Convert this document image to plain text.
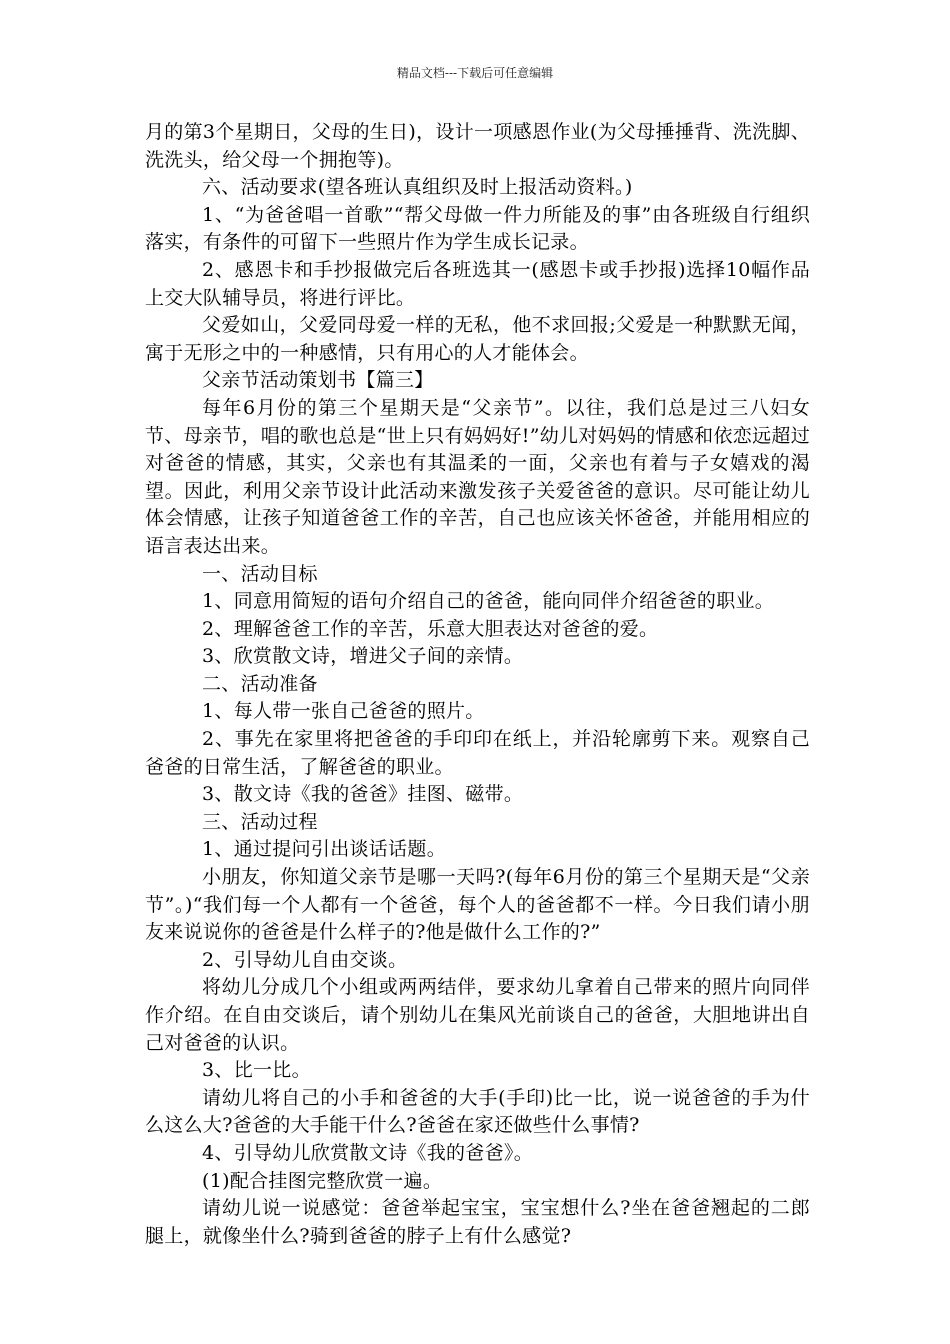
精品文档---下载后可任意编辑

月的第3个星期日，父母的生日)，设计一项感恩作业(为父母捶捶背、洗洗脚、洗洗头，给父母一个拥抱等)。

六、活动要求(望各班认真组织及时上报活动资料。)

1、“为爸爸唱一首歌”“帮父母做一件力所能及的事”由各班级自行组织落实，有条件的可留下一些照片作为学生成长记录。

2、感恩卡和手抄报做完后各班选其一(感恩卡或手抄报)选择10幅作品上交大队辅导员，将进行评比。

父爱如山，父爱同母爱一样的无私，他不求回报;父爱是一种默默无闻，寓于无形之中的一种感情，只有用心的人才能体会。

父亲节活动策划书【篇三】

每年6月份的第三个星期天是“父亲节”。以往，我们总是过三八妇女节、母亲节，唱的歌也总是“世上只有妈妈好!”幼儿对妈妈的情感和依恋远超过对爸爸的情感，其实，父亲也有其温柔的一面，父亲也有着与子女嬉戏的渴望。因此，利用父亲节设计此活动来激发孩子关爱爸爸的意识。尽可能让幼儿体会情感，让孩子知道爸爸工作的辛苦，自己也应该关怀爸爸，并能用相应的语言表达出来。

一、活动目标

1、同意用简短的语句介绍自己的爸爸，能向同伴介绍爸爸的职业。

2、理解爸爸工作的辛苦，乐意大胆表达对爸爸的爱。

3、欣赏散文诗，增进父子间的亲情。

二、活动准备

1、每人带一张自己爸爸的照片。

2、事先在家里将把爸爸的手印印在纸上，并沿轮廓剪下来。观察自己爸爸的日常生活，了解爸爸的职业。

3、散文诗《我的爸爸》挂图、磁带。

三、活动过程

1、通过提问引出谈话话题。

小朋友，你知道父亲节是哪一天吗?(每年6月份的第三个星期天是“父亲节”。)“我们每一个人都有一个爸爸，每个人的爸爸都不一样。今日我们请小朋友来说说你的爸爸是什么样子的?他是做什么工作的?”

2、引导幼儿自由交谈。

将幼儿分成几个小组或两两结伴，要求幼儿拿着自己带来的照片向同伴作介绍。在自由交谈后，请个别幼儿在集风光前谈自己的爸爸，大胆地讲出自己对爸爸的认识。

3、比一比。

请幼儿将自己的小手和爸爸的大手(手印)比一比，说一说爸爸的手为什么这么大?爸爸的大手能干什么?爸爸在家还做些什么事情?

4、引导幼儿欣赏散文诗《我的爸爸》。

(1)配合挂图完整欣赏一遍。

请幼儿说一说感觉：爸爸举起宝宝，宝宝想什么?坐在爸爸翘起的二郎腿上，就像坐什么?骑到爸爸的脖子上有什么感觉?
